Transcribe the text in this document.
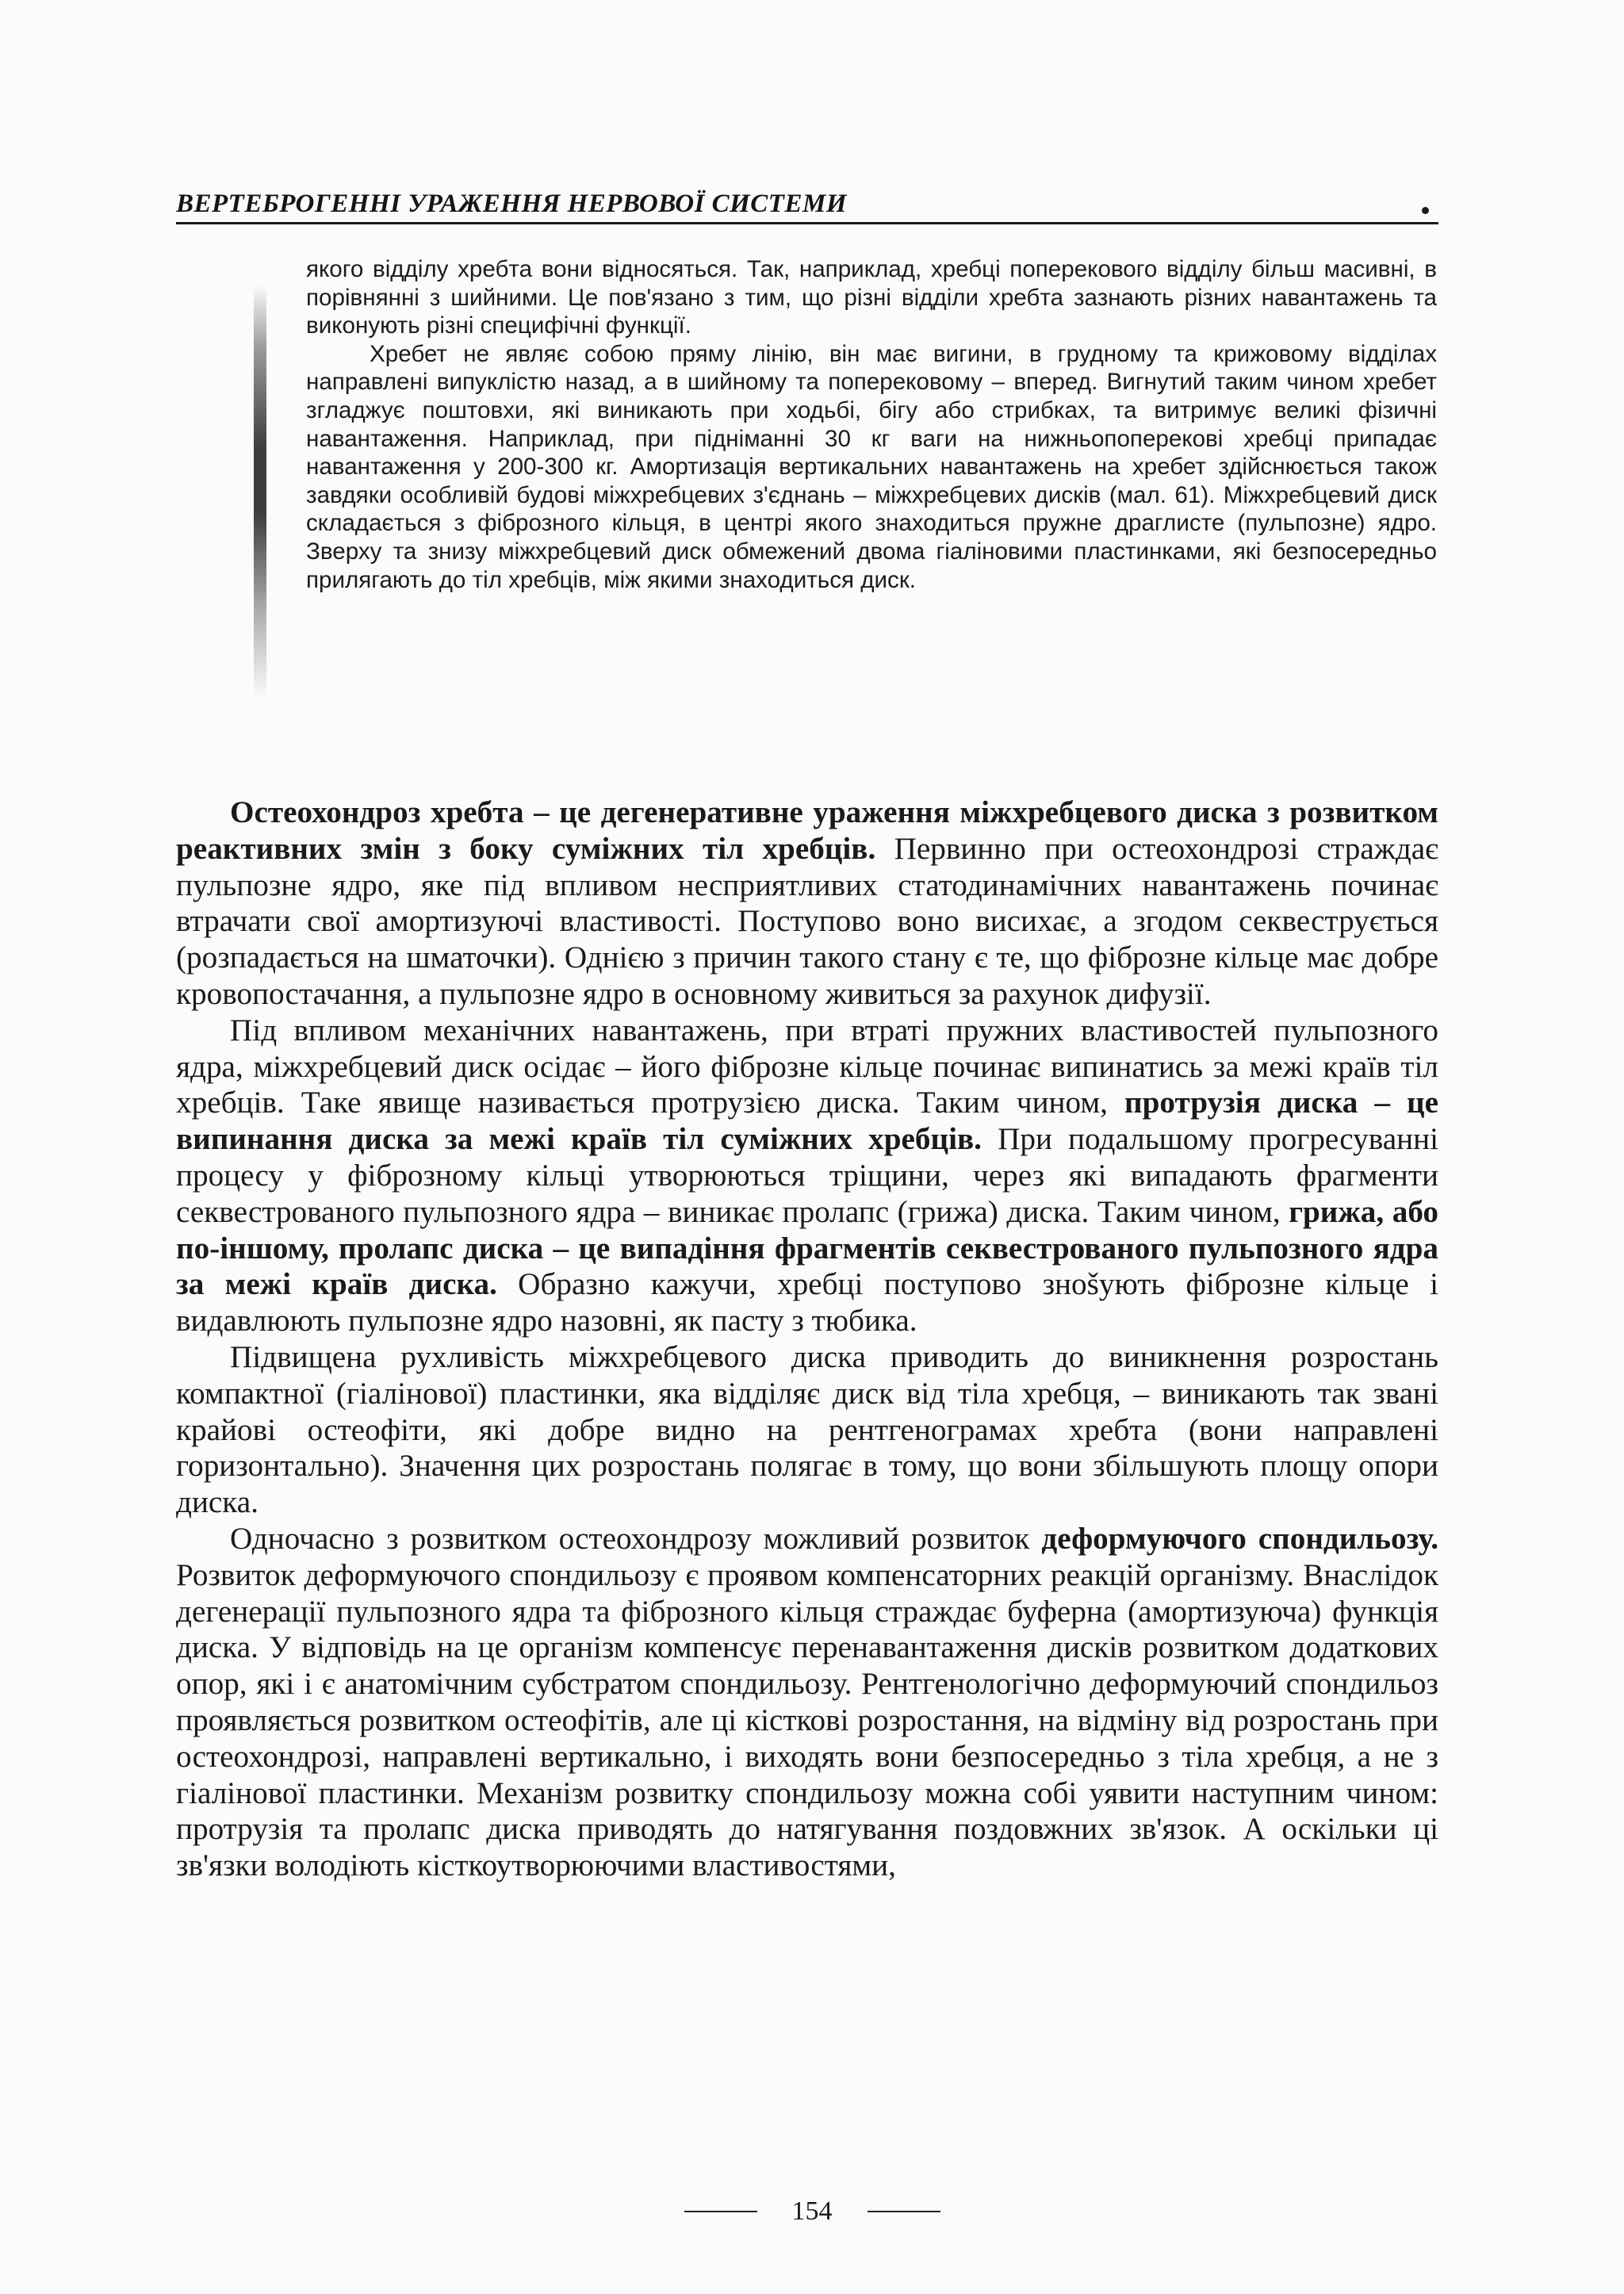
ВЕРТЕБРОГЕННІ УРАЖЕННЯ НЕРВОВОЇ СИСТЕМИ

якого відділу хребта вони відносяться. Так, наприклад, хребці поперекового відділу більш масивні, в порівнянні з шийними. Це пов'язано з тим, що різні відділи хребта зазнають різних навантажень та виконують різні специфічні функції.

Хребет не являє собою пряму лінію, він має вигини, в грудному та крижовому відділах направлені випуклістю назад, а в шийному та поперековому – вперед. Вигнутий таким чином хребет згладжує поштовхи, які виникають при ходьбі, бігу або стрибках, та витримує великі фізичні навантаження. Наприклад, при підніманні 30 кг ваги на нижньопоперекові хребці припадає навантаження у 200-300 кг. Амортизація вертикальних навантажень на хребет здійснюється також завдяки особливій будові міжхребцевих з'єднань – міжхребцевих дисків (мал. 61). Міжхребцевий диск складається з фіброзного кільця, в центрі якого знаходиться пружне драглисте (пульпозне) ядро. Зверху та знизу міжхребцевий диск обмежений двома гіаліновими пластинками, які безпосередньо прилягають до тіл хребців, між якими знаходиться диск.

Остеохондроз хребта – це дегенеративне ураження міжхребцевого диска з розвитком реактивних змін з боку суміжних тіл хребців. Первинно при остеохондрозі страждає пульпозне ядро, яке під впливом несприятливих статодинамічних навантажень починає втрачати свої амортизуючі властивості. Поступово воно висихає, а згодом секвеструється (розпадається на шматочки). Однією з причин такого стану є те, що фіброзне кільце має добре кровопостачання, а пульпозне ядро в основному живиться за рахунок дифузії.

Під впливом механічних навантажень, при втраті пружних властивостей пульпозного ядра, міжхребцевий диск осідає – його фіброзне кільце починає випинатись за межі країв тіл хребців. Таке явище називається протрузією диска. Таким чином, протрузія диска – це випинання диска за межі країв тіл суміжних хребців. При подальшому прогресуванні процесу у фіброзному кільці утворюються тріщини, через які випадають фрагменти секвестрованого пульпозного ядра – виникає пролапс (грижа) диска. Таким чином, грижа, або по-іншому, пролапс диска – це випадіння фрагментів секвестрованого пульпозного ядра за межі країв диска. Образно кажучи, хребці поступово знošують фіброзне кільце і видавлюють пульпозне ядро назовні, як пасту з тюбика.

Підвищена рухливість міжхребцевого диска приводить до виникнення розростань компактної (гіалінової) пластинки, яка відділяє диск від тіла хребця, – виникають так звані крайові остеофіти, які добре видно на рентгенограмах хребта (вони направлені горизонтально). Значення цих розростань полягає в тому, що вони збільшують площу опори диска.

Одночасно з розвитком остеохондрозу можливий розвиток деформуючого спондильозу. Розвиток деформуючого спондильозу є проявом компенсаторних реакцій організму. Внаслідок дегенерації пульпозного ядра та фіброзного кільця страждає буферна (амортизуюча) функція диска. У відповідь на це організм компенсує перенавантаження дисків розвитком додаткових опор, які і є анатомічним субстратом спондильозу. Рентгенологічно деформуючий спондильоз проявляється розвитком остеофітів, але ці кісткові розростання, на відміну від розростань при остеохондрозі, направлені вертикально, і виходять вони безпосередньо з тіла хребця, а не з гіалінової пластинки. Механізм розвитку спондильозу можна собі уявити наступним чином: протрузія та пролапс диска приводять до натягування поздовжних зв'язок. А оскільки ці зв'язки володіють кісткоутворюючими властивостями,

154
